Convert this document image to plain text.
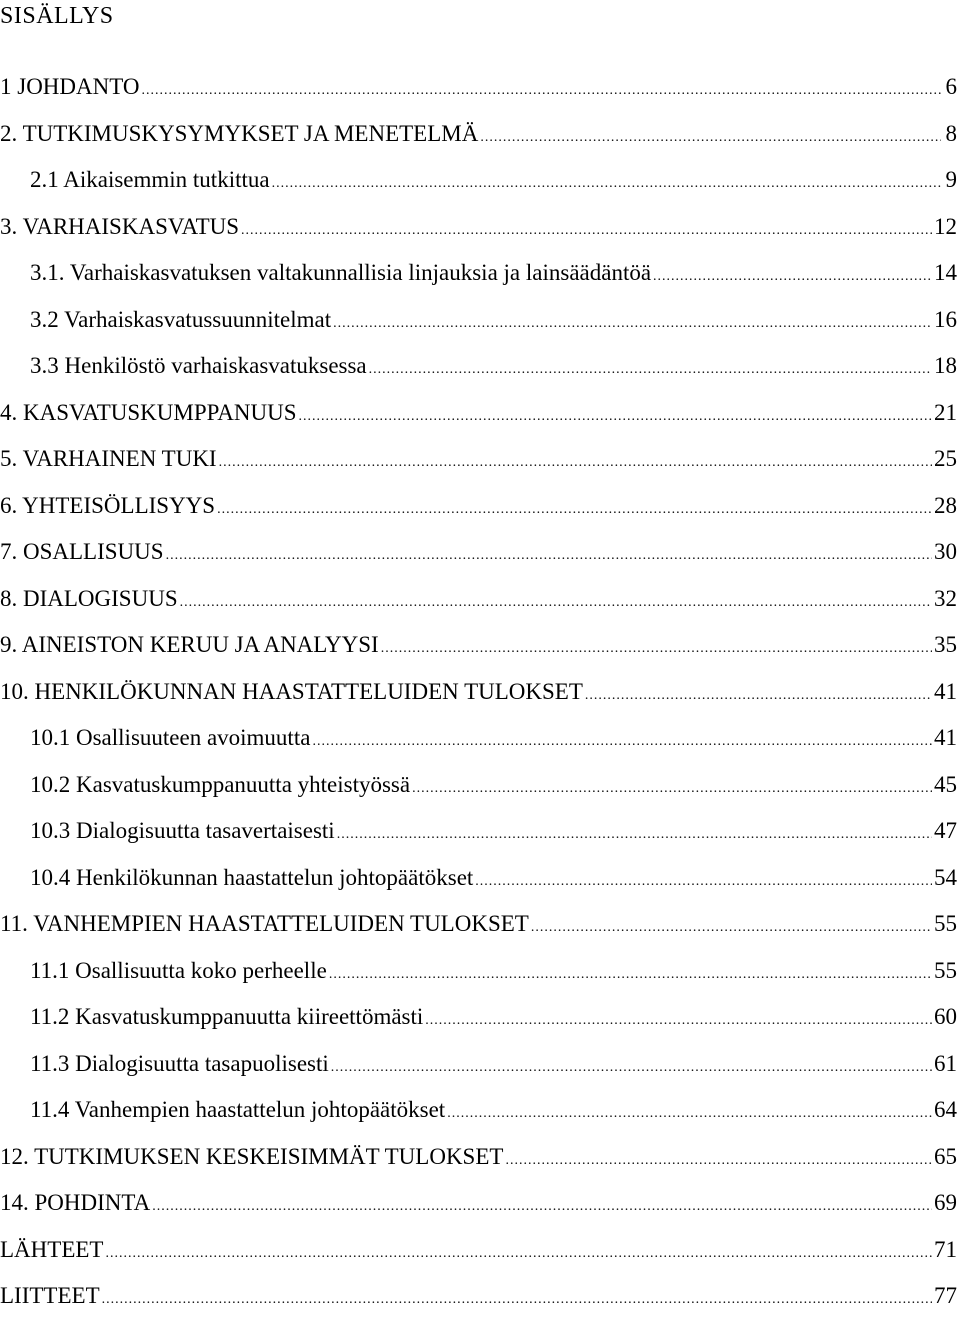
SISÄLLYS
1 JOHDANTO .....	6
2. TUTKIMUSKYSYMYKSET JA MENETELMÄ .....	8
2.1 Aikaisemmin tutkittua .....	9
3. VARHAISKASVATUS .....	12
3.1. Varhaiskasvatuksen valtakunnallisia linjauksia ja lainsäädäntöä .....	14
3.2 Varhaiskasvatussuunnitelmat .....	16
3.3 Henkilöstö varhaiskasvatuksessa .....	18
4. KASVATUSKUMPPANUUS .....	21
5. VARHAINEN TUKI .....	25
6. YHTEISÖLLISYYS .....	28
7. OSALLISUUS .....	30
8. DIALOGISUUS .....	32
9. AINEISTON KERUU JA ANALYYSI .....	35
10. HENKILÖKUNNAN HAASTATTELUIDEN TULOKSET .....	41
10.1 Osallisuuteen avoimuutta .....	41
10.2 Kasvatuskumppanuutta yhteistyössä .....	45
10.3 Dialogisuutta tasavertaisesti .....	47
10.4 Henkilökunnan haastattelun johtopäätökset .....	54
11. VANHEMPIEN HAASTATTELUIDEN TULOKSET .....	55
11.1 Osallisuutta koko perheelle .....	55
11.2 Kasvatuskumppanuutta kiireettömästi .....	60
11.3 Dialogisuutta tasapuolisesti .....	61
11.4 Vanhempien haastattelun johtopäätökset .....	64
12. TUTKIMUKSEN KESKEISIMMÄT TULOKSET .....	65
14. POHDINTA .....	69
LÄHTEET .....	71
LIITTEET .....	77
